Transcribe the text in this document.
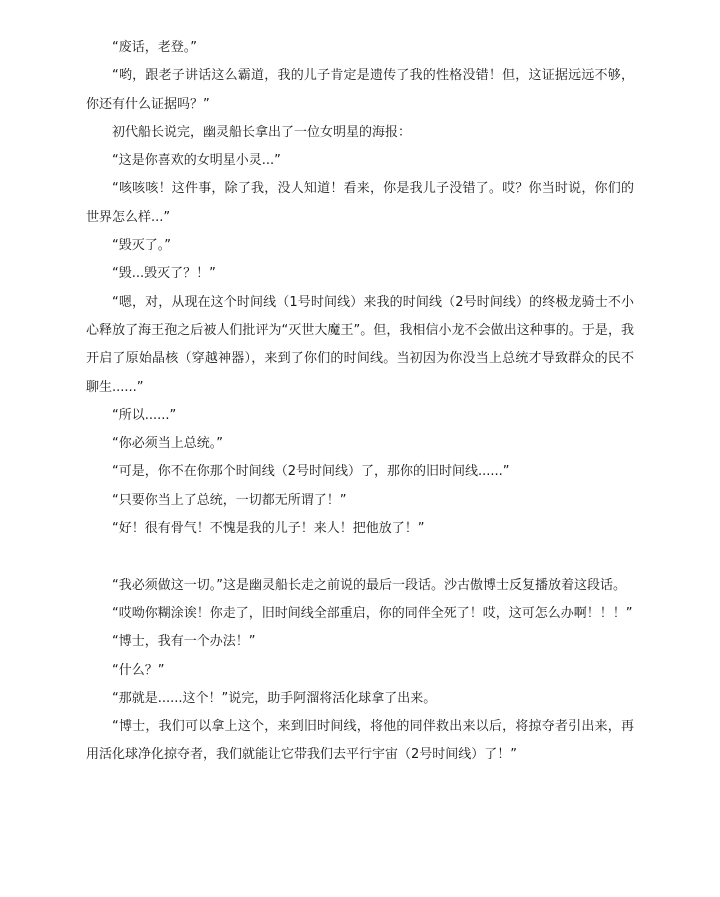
“废话，老登。”

“哟，跟老子讲话这么霸道，我的儿子肯定是遗传了我的性格没错！但，这证据远远不够，你还有什么证据吗？”

初代船长说完，幽灵船长拿出了一位女明星的海报：

“这是你喜欢的女明星小灵...”

“咳咳咳！这件事，除了我，没人知道！看来，你是我儿子没错了。哎？你当时说，你们的世界怎么样...”

“毁灭了。”

“毁...毁灭了？！”

“嗯，对，从现在这个时间线（1号时间线）来我的时间线（2号时间线）的终极龙骑士不小心释放了海王孢之后被人们批评为“灭世大魔王”。但，我相信小龙不会做出这种事的。于是，我开启了原始晶核（穿越神器），来到了你们的时间线。当初因为你没当上总统才导致群众的民不聊生......”

“所以......”

“你必须当上总统。”

“可是，你不在你那个时间线（2号时间线）了，那你的旧时间线......”

“只要你当上了总统，一切都无所谓了！”

“好！很有骨气！不愧是我的儿子！来人！把他放了！”

“我必须做这一切。”这是幽灵船长走之前说的最后一段话。沙古傲博士反复播放着这段话。

“哎呦你糊涂诶！你走了，旧时间线全部重启，你的同伴全死了！哎，这可怎么办啊！！！”

“博士，我有一个办法！”

“什么？”

“那就是......这个！”说完，助手阿溜将活化球拿了出来。

“博士，我们可以拿上这个，来到旧时间线，将他的同伴救出来以后，将掠夺者引出来，再用活化球净化掠夺者，我们就能让它带我们去平行宇宙（2号时间线）了！”
